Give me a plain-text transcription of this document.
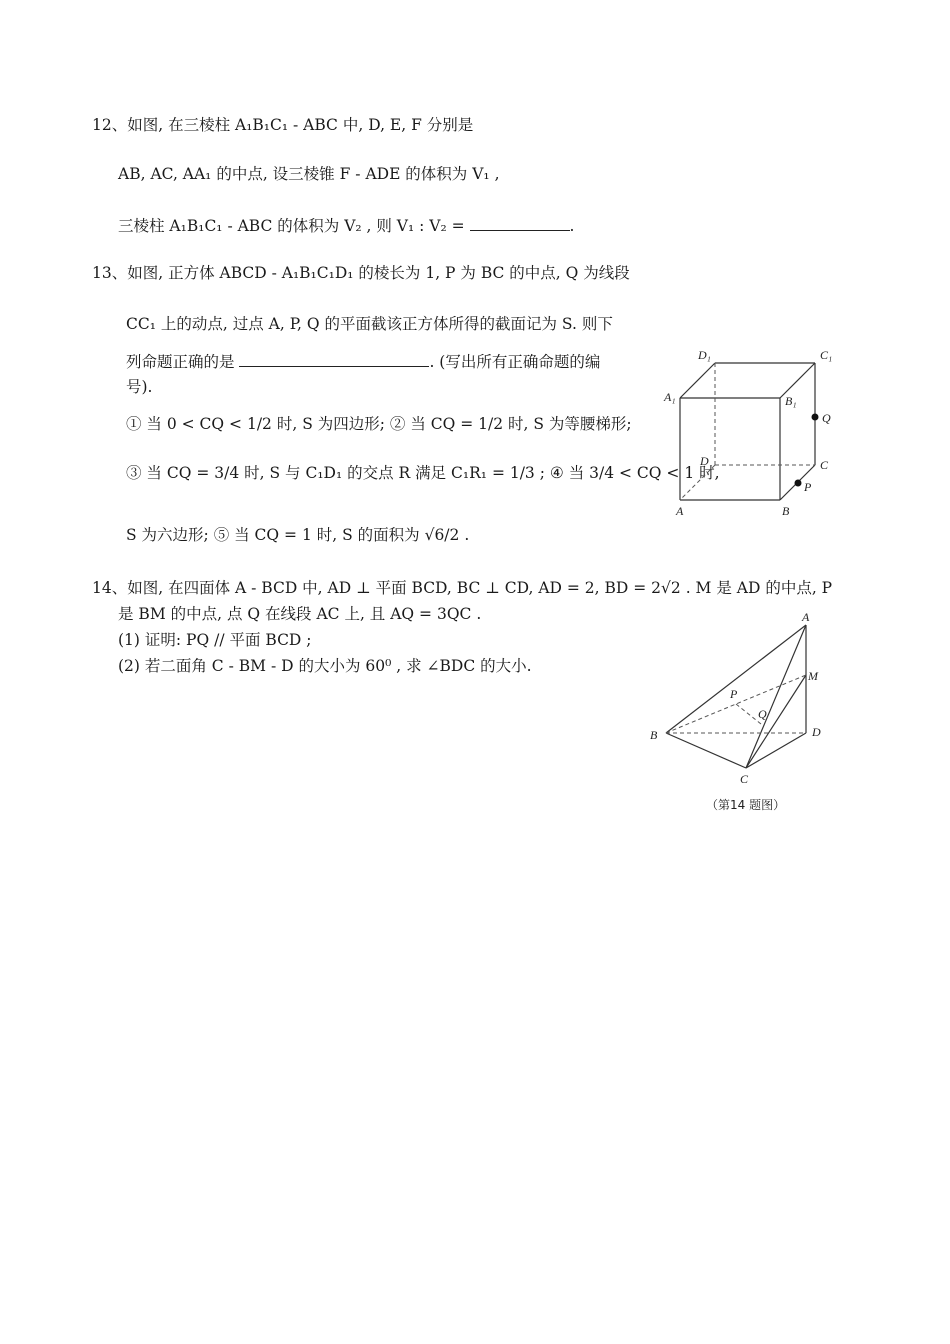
12、如图, 在三棱柱 A₁B₁C₁ - ABC 中, D, E, F 分别是
AB, AC, AA₁ 的中点, 设三棱锥 F - ADE 的体积为 V₁ ,
三棱柱 A₁B₁C₁ - ABC 的体积为 V₂ , 则 V₁ : V₂ =	.
13、如图, 正方体 ABCD - A₁B₁C₁D₁ 的棱长为 1, P 为 BC 的中点, Q 为线段
CC₁ 上的动点, 过点 A, P, Q 的平面截该正方体所得的截面记为 S. 则下
列命题正确的是	. (写出所有正确命题的编
号).
① 当 0 < CQ < 1/2 时, S 为四边形; ② 当 CQ = 1/2 时, S 为等腰梯形;
③ 当 CQ = 3/4 时, S 与 C₁D₁ 的交点 R 满足 C₁R₁ = 1/3 ; ④ 当 3/4 < CQ < 1 时,
S 为六边形; ⑤ 当 CQ = 1 时, S 的面积为 √6/2 .
D₁	C₁
A₁	B₁
Q
D	C
P
A	B
14、如图, 在四面体 A - BCD 中, AD ⊥ 平面 BCD, BC ⊥ CD, AD = 2, BD = 2√2 . M 是 AD 的中点, P
是 BM 的中点, 点 Q 在线段 AC 上, 且 AQ = 3QC .
(1) 证明: PQ // 平面 BCD ;
(2) 若二面角 C - BM - D 的大小为 60⁰ , 求 ∠BDC 的大小.
A
M
P
Q
B	D
C
（第14 题图）
